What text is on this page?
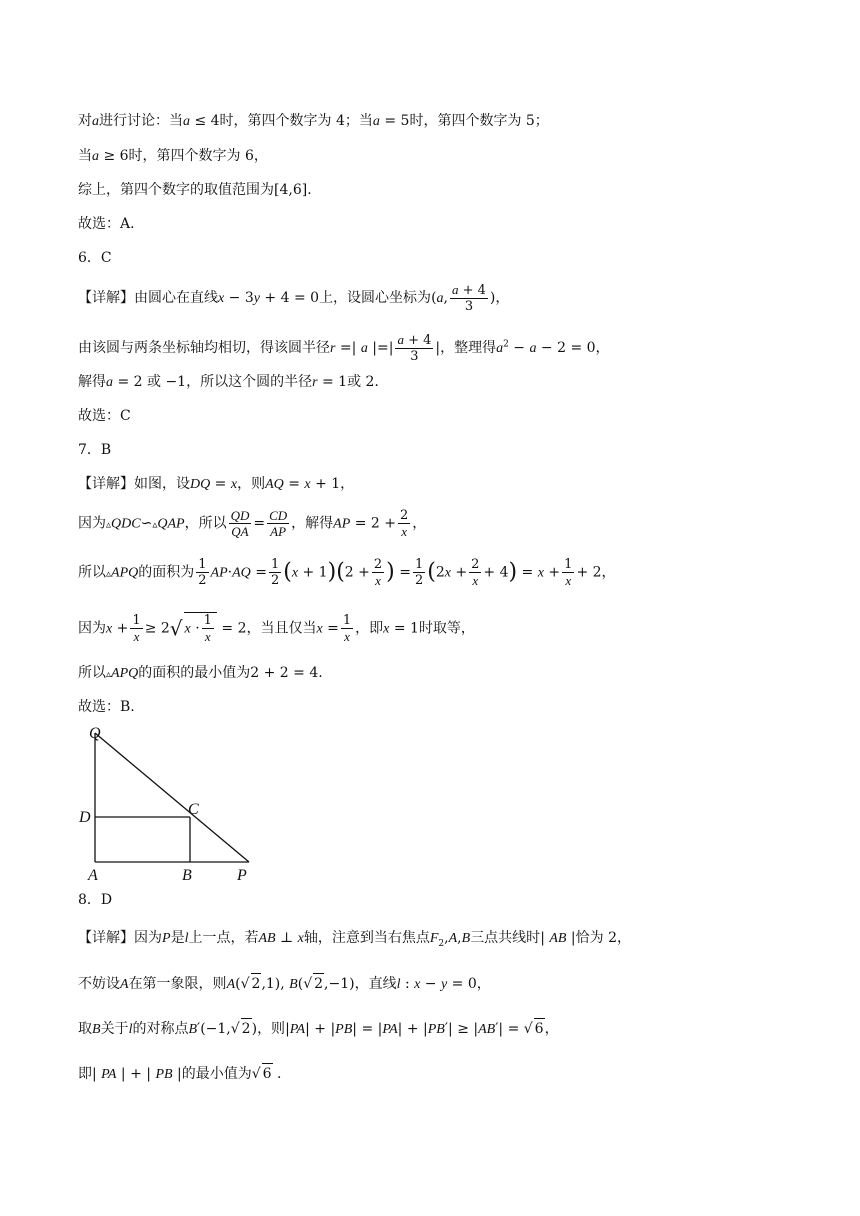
对a进行讨论：当a ≤ 4时，第四个数字为 4；当a = 5时，第四个数字为 5；
当a ≥ 6时，第四个数字为 6，
综上，第四个数字的取值范围为[4,6].
故选：A.
6．C
【详解】由圆心在直线x − 3y + 4 = 0上，设圆心坐标为(a, $\frac{a + 4}{3}$ )，
由该圆与两条坐标轴均相切，得该圆半径r =| a |=| $\frac{a + 4}{3}$ |，整理得$a^2 - a - 2 = 0$，
解得a = 2 或 −1，所以这个圆的半径r = 1或 2.
故选：C
7．B
【详解】如图，设DQ = x，则AQ = x + 1，
因为▵QDC∽▵QAP，所以 $\frac{QD}{QA} = \frac{CD}{AP}$ ，解得AP = $2 + \frac{2}{x}$ ，
所以▵APQ的面积为 $\frac{1}{2} AP\cdot AQ = \frac{1}{2} (x + 1)(2 + \frac{2}{x}$ ) = $\frac{1}{2} (2x + \frac{2}{x} + 4) = x + \frac{1}{x} + 2$，
因为$x + \frac{1}{x} \ge 2√$ $x \cdot \frac{1}{x} = 2$，当且仅当$x = \frac{1}{x}$ ，即x = 1时取等，
所以▵APQ的面积的最小值为2 + 2 = 4.
故选：B.
Q
D	C
A	B	P
8．D
【详解】因为P是l上一点，若AB ⊥ x轴，注意到当右焦点$F_2,A,B$三点共线时| AB |恰为 2，
不妨设A在第一象限，则A(√ 2,1), B(√ 2,−1)，直线l : x − y = 0，
取B关于l的对称点B′(−1,√ 2)，则|PA| + |PB| = |PA| + |PB′| ≥ |AB′| = √ 6，
即| PA | + | PB |的最小值为√ 6 .
